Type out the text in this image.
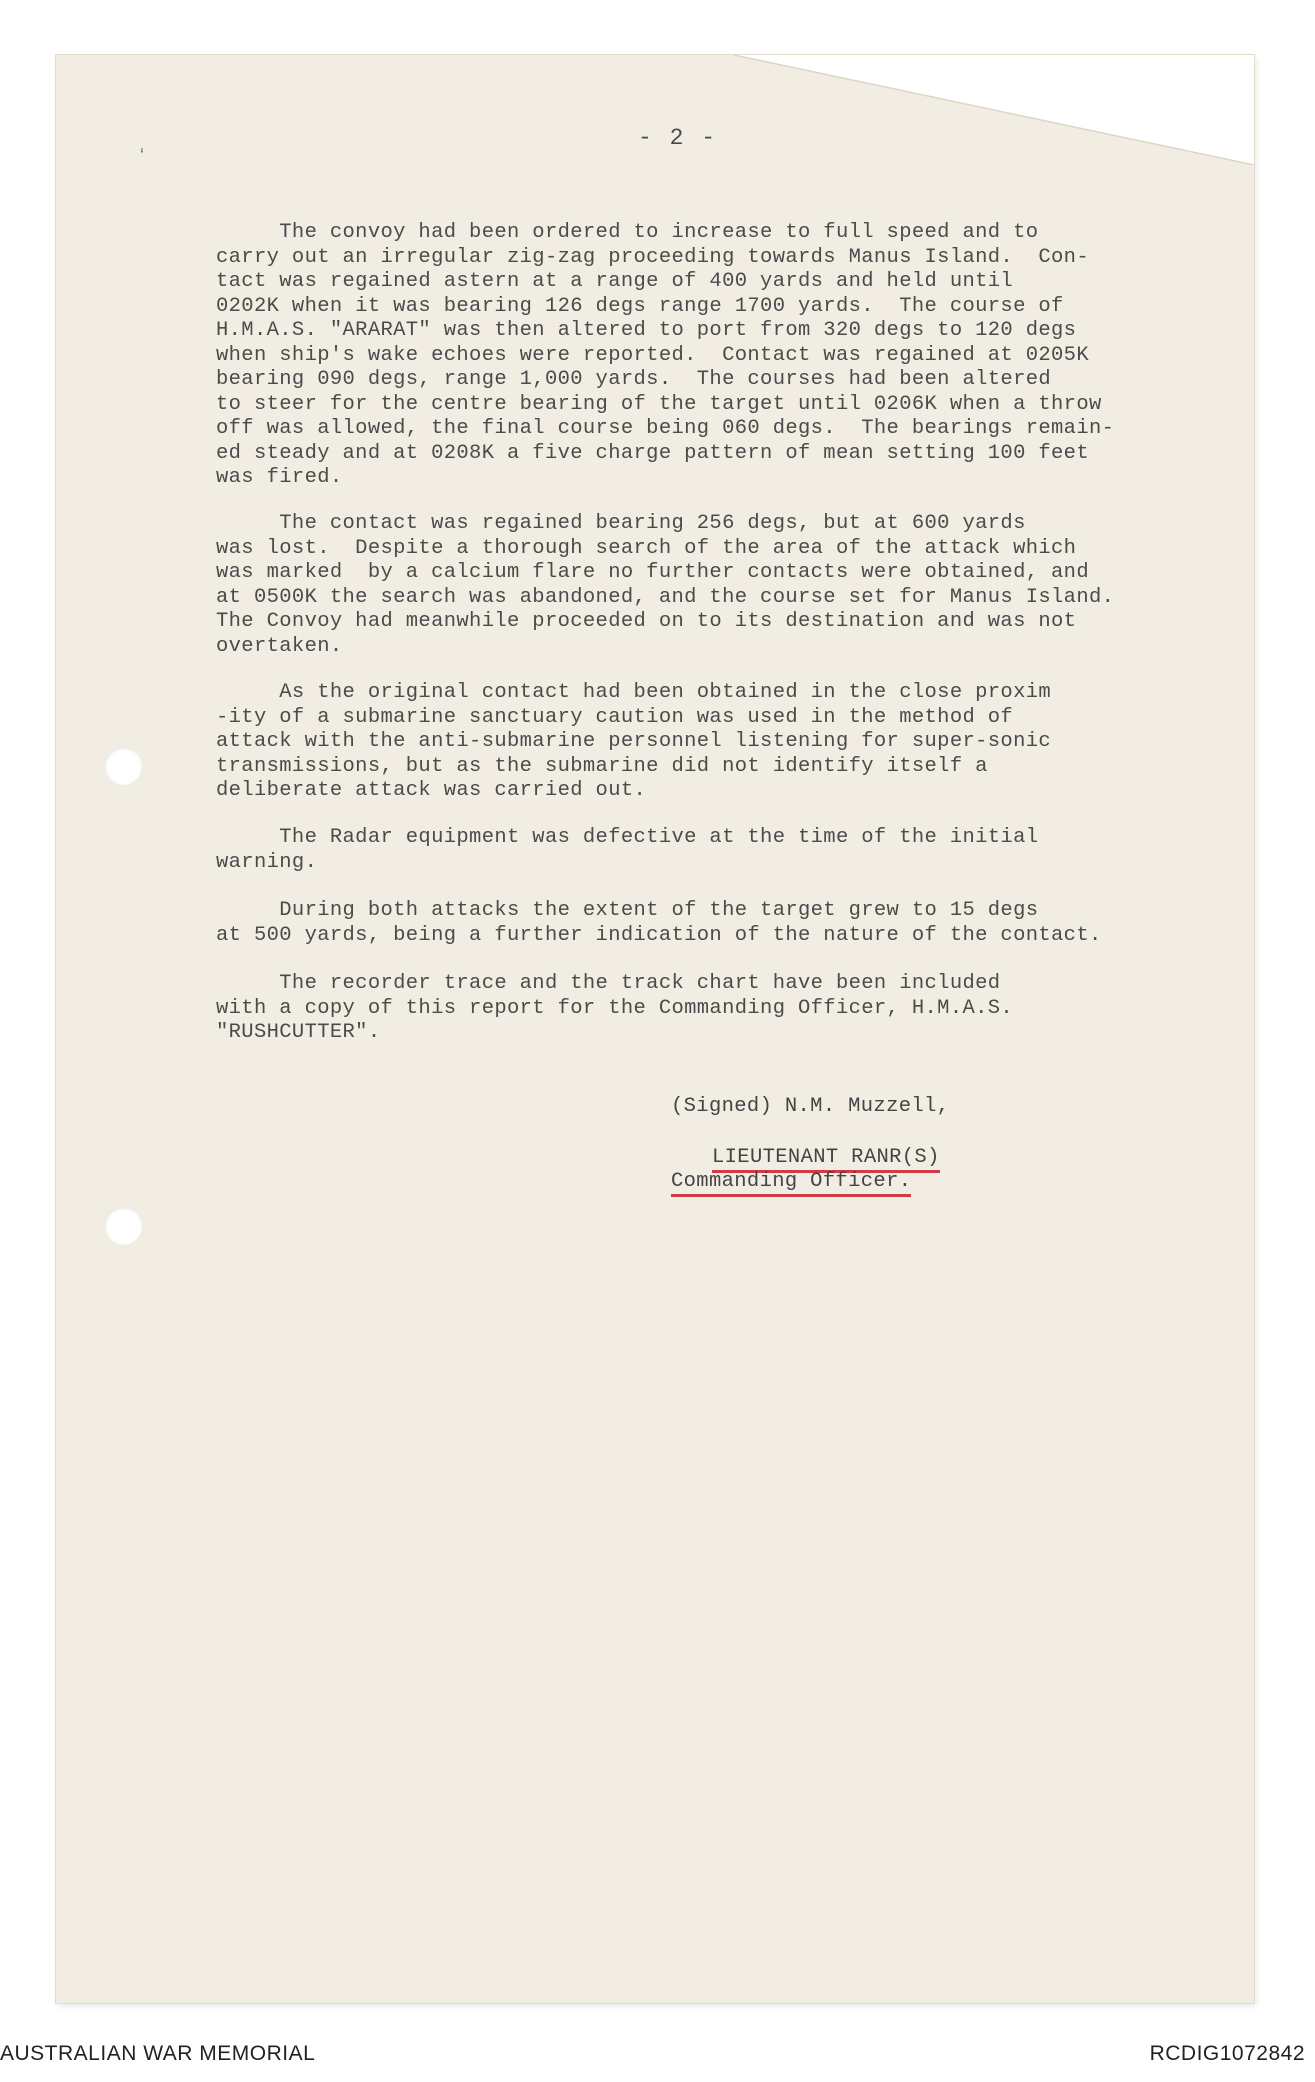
ʻ
- 2 -

The convoy had been ordered to increase to full speed and to
carry out an irregular zig-zag proceeding towards Manus Island.  Con-
tact was regained astern at a range of 400 yards and held until
0202K when it was bearing 126 degs range 1700 yards.  The course of
H.M.A.S. "ARARAT" was then altered to port from 320 degs to 120 degs
when ship's wake echoes were reported.  Contact was regained at 0205K
bearing 090 degs, range 1,000 yards.  The courses had been altered
to steer for the centre bearing of the target until 0206K when a throw
off was allowed, the final course being 060 degs.  The bearings remain-
ed steady and at 0208K a five charge pattern of mean setting 100 feet
was fired.

The contact was regained bearing 256 degs, but at 600 yards
was lost.  Despite a thorough search of the area of the attack which
was marked  by a calcium flare no further contacts were obtained, and
at 0500K the search was abandoned, and the course set for Manus Island.
The Convoy had meanwhile proceeded on to its destination and was not
overtaken.

As the original contact had been obtained in the close proxim
-ity of a submarine sanctuary caution was used in the method of
attack with the anti-submarine personnel listening for super-sonic
transmissions, but as the submarine did not identify itself a
deliberate attack was carried out.

The Radar equipment was defective at the time of the initial
warning.

During both attacks the extent of the target grew to 15 degs
at 500 yards, being a further indication of the nature of the contact.

The recorder trace and the track chart have been included
with a copy of this report for the Commanding Officer, H.M.A.S.
"RUSHCUTTER".

(Signed) N.M. Muzzell,
LIEUTENANT RANR(S)
Commanding Officer.
AUSTRALIAN WAR MEMORIAL	RCDIG1072842
